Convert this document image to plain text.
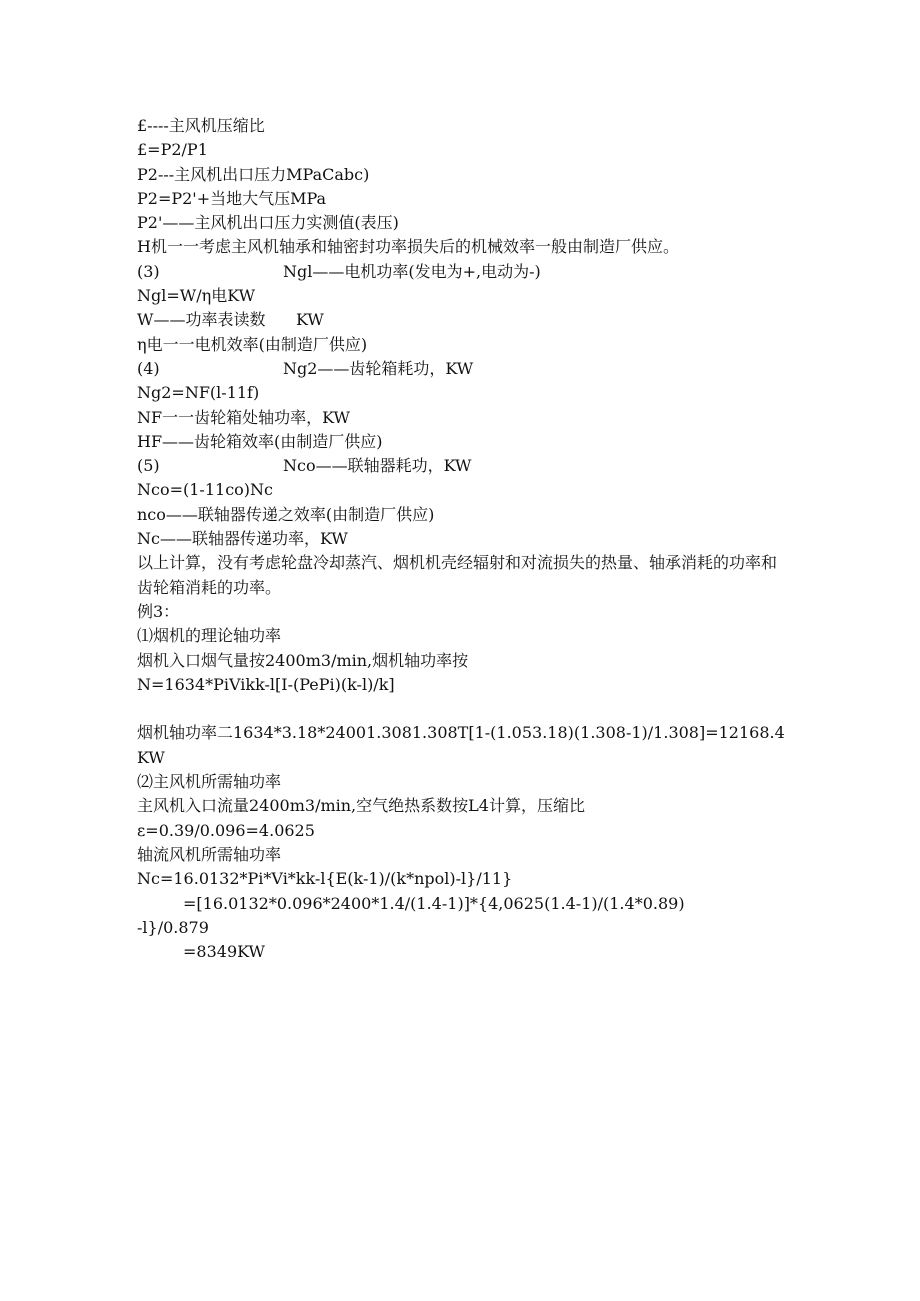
£----主风机压缩比
£=P2/P1
P2---主风机出口压力MPaCabc)
P2=P2'+当地大气压MPa
P2'——主风机出口压力实测值(表压)
H机一一考虑主风机轴承和轴密封功率损失后的机械效率一般由制造厂供应。
(3)	Ngl——电机功率(发电为+,电动为-)
Ngl=W/η电KW
W——功率表读数      KW
η电一一电机效率(由制造厂供应)
(4)	Ng2——齿轮箱耗功，KW
Ng2=NF(l-11f)
NF一一齿轮箱处轴功率，KW
HF——齿轮箱效率(由制造厂供应)
(5)	Nco——联轴器耗功，KW
Nco=(1-11co)Nc
nco——联轴器传递之效率(由制造厂供应)
Nc——联轴器传递功率，KW
以上计算，没有考虑轮盘冷却蒸汽、烟机机壳经辐射和对流损失的热量、轴承消耗的功率和齿轮箱消耗的功率。
例3：
⑴烟机的理论轴功率
烟机入口烟气量按2400m3/min,烟机轴功率按
N=1634*PiVikk-l[I-(PePi)(k-l)/k]
烟机轴功率二1634*3.18*24001.3081.308T[1-(1.053.18)(1.308-1)/1.308]=12168.4KW
⑵主风机所需轴功率
主风机入口流量2400m3/min,空气绝热系数按L4计算，压缩比
ε=0.39/0.096=4.0625
轴流风机所需轴功率
Nc=16.0132*Pi*Vi*kk-l{E(k-1)/(k*npol)-l}/11}
=[16.0132*0.096*2400*1.4/(1.4-1)]*{4,0625(1.4-1)/(1.4*0.89)
-l}/0.879
=8349KW
